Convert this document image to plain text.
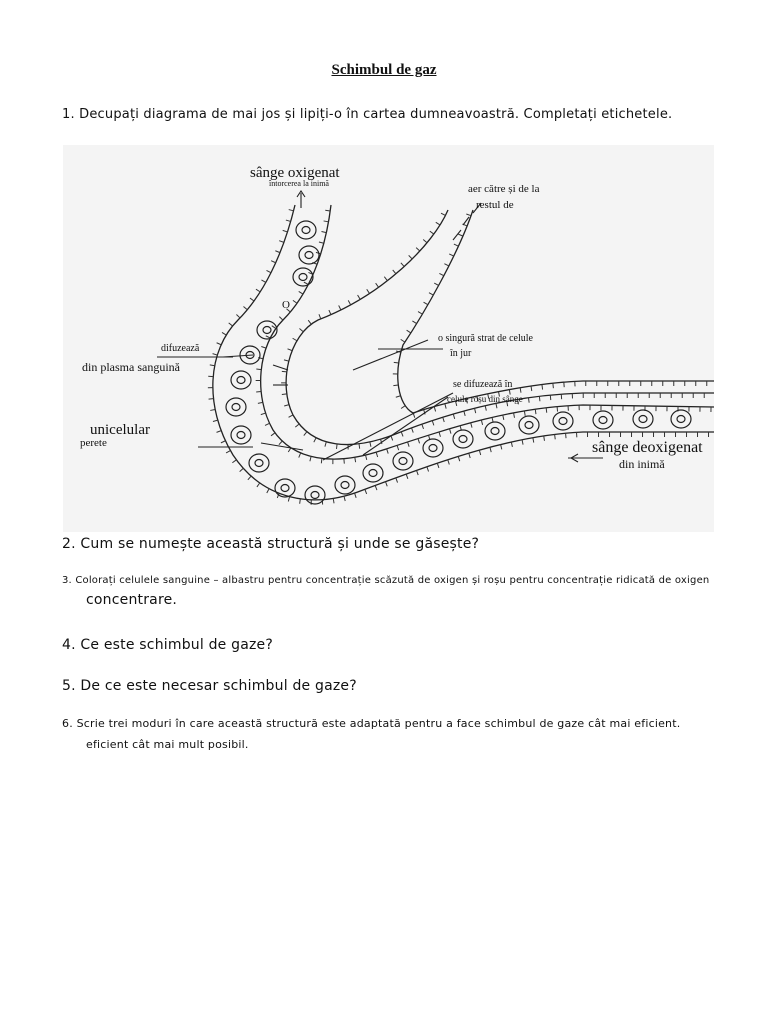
Schimbul de gaz
1. Decupați diagrama de mai jos și lipiți-o în cartea dumneavoastră. Completați etichetele.
sânge oxigenat
întorcerea la inimă	aer către și de la
restul de
O
o singură strat de celule
în jur
difuzează
din plasma sanguină
se difuzează în
celule roșu din sânge
unicelular
perete	sânge deoxigenat
din inimă
2. Cum se numește această structură și unde se găsește?
3. Colorați celulele sanguine – albastru pentru concentrație scăzută de oxigen și roșu pentru concentrație ridicată de oxigen
concentrare.
4. Ce este schimbul de gaze?
5. De ce este necesar schimbul de gaze?
6. Scrie trei moduri în care această structură este adaptată pentru a face schimbul de gaze cât mai eficient.
eficient cât mai mult posibil.
